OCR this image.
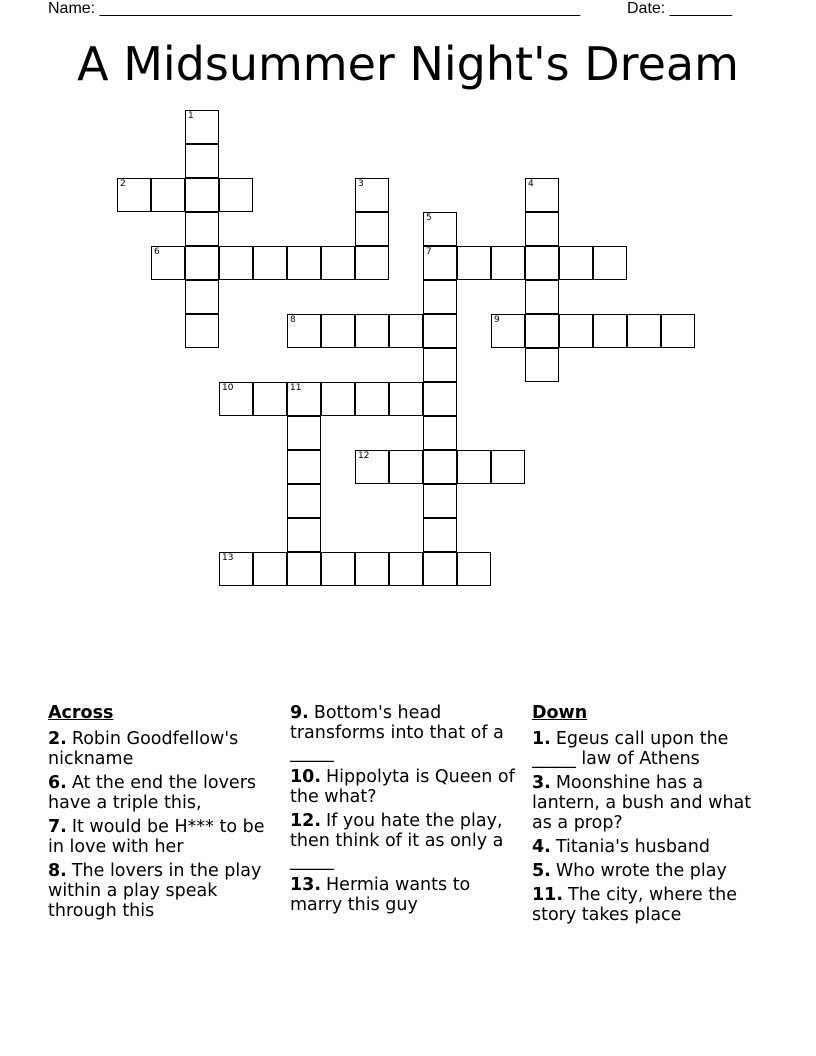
Name: ______________________________________________________	Date: _______
A Midsummer Night's Dream
1
2	3	4
5
7
6
8	9
10	11
12
13
Across
2. Robin Goodfellow's nickname
6. At the end the lovers have a triple this,
7. It would be H*** to be in love with her
8. The lovers in the play within a play speak through this
9. Bottom's head transforms into that of a _____
10. Hippolyta is Queen of the what?
12. If you hate the play, then think of it as only a _____
13. Hermia wants to marry this guy
Down
1. Egeus call upon the _____ law of Athens
3. Moonshine has a lantern, a bush and what as a prop?
4. Titania's husband
5. Who wrote the play
11. The city, where the story takes place
